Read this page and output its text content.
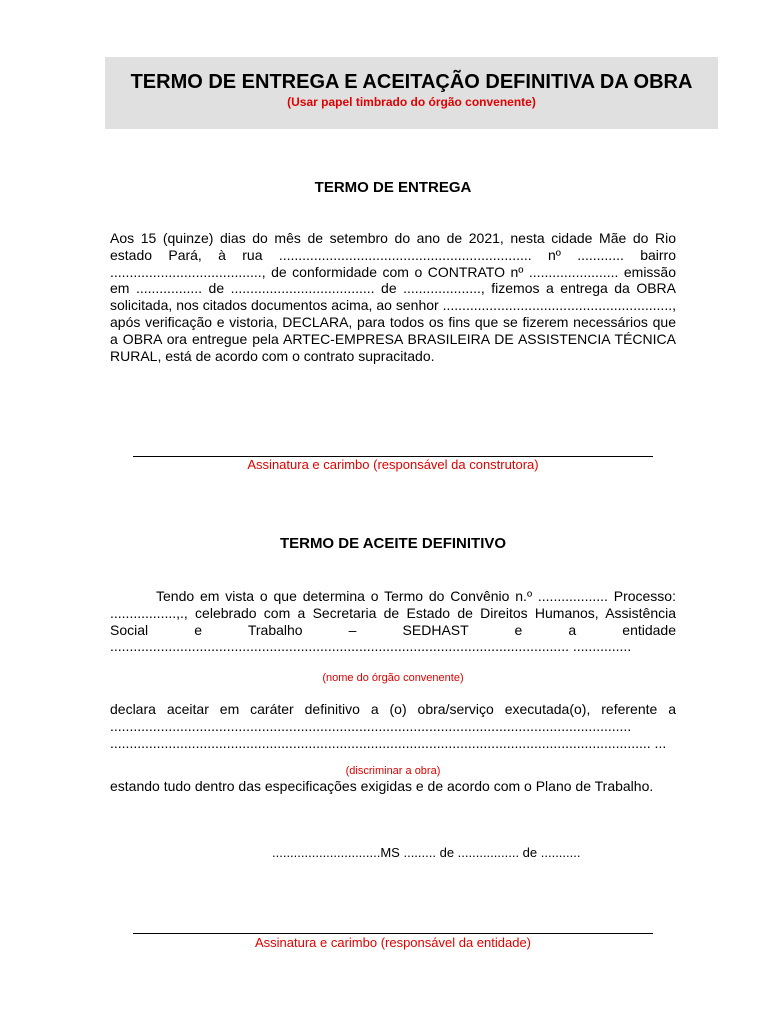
TERMO DE ENTREGA E ACEITAÇÃO DEFINITIVA DA OBRA
(Usar papel timbrado do órgão convenente)
TERMO DE ENTREGA
Aos 15 (quinze) dias do mês de setembro do ano de 2021, nesta cidade Mãe do Rio estado Pará, à rua ................................................................. nº ............ bairro ......................................., de conformidade com o CONTRATO nº ....................... emissão em ................. de ..................................... de ...................., fizemos a entrega da OBRA solicitada, nos citados documentos acima, ao senhor ..........................................................., após verificação e vistoria, DECLARA, para todos os fins que se fizerem necessários que a OBRA ora entregue pela ARTEC-EMPRESA BRASILEIRA DE ASSISTENCIA TÉCNICA RURAL, está de acordo com o contrato supracitado.
Assinatura e carimbo (responsável da construtora)
TERMO DE ACEITE DEFINITIVO
Tendo em vista o que determina o Termo do Convênio n.º .................. Processo: .................,., celebrado com a Secretaria de Estado de Direitos Humanos, Assistência Social e Trabalho – SEDHAST e a entidade ...................................................................................................................... ...............
(nome do órgão convenente)
declara aceitar em caráter definitivo a (o) obra/serviço executada(o), referente a ...................................................................................................................................... ........................................................................................................................................... ...
(discriminar a obra)
estando tudo dentro das especificações exigidas e de acordo com o Plano de Trabalho.
..............................MS ......... de ................. de ...........
Assinatura e carimbo (responsável da entidade)
